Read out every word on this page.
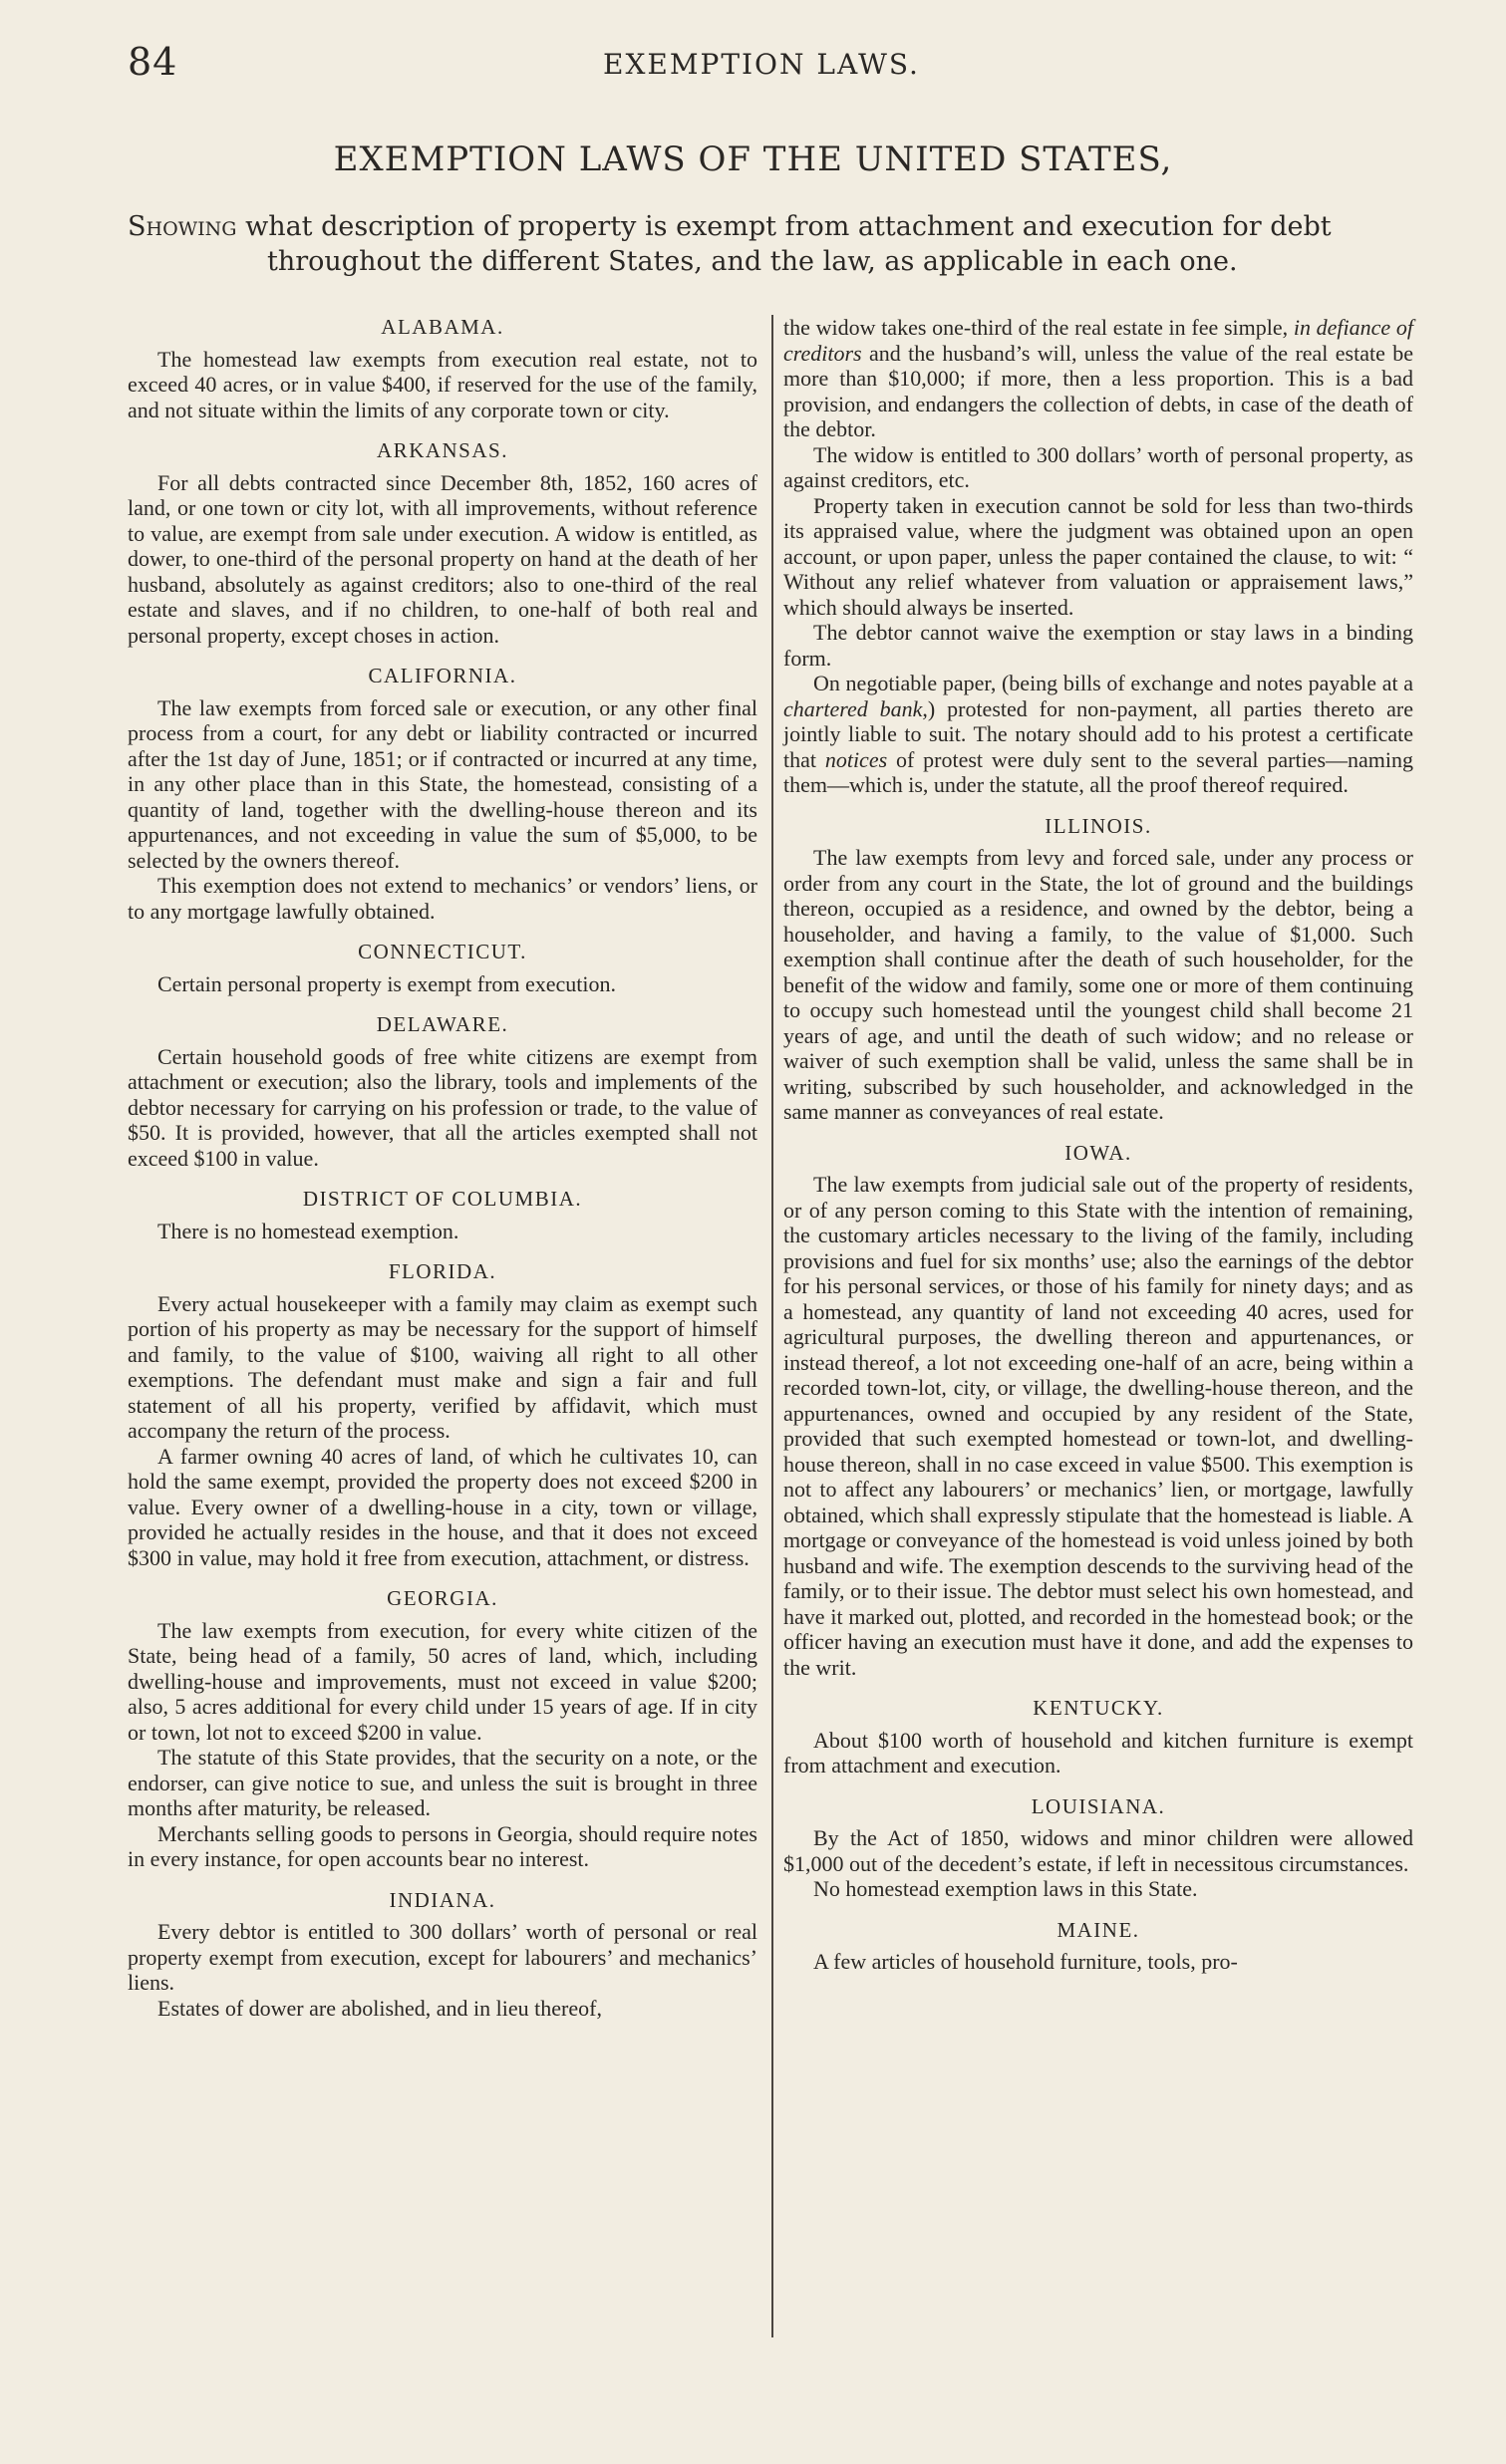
84	EXEMPTION LAWS.
EXEMPTION LAWS OF THE UNITED STATES,
Showing what description of property is exempt from attachment and execution for debt
throughout the different States, and the law, as applicable in each one.
ALABAMA.

The homestead law exempts from execution real estate, not to exceed 40 acres, or in value $400, if reserved for the use of the family, and not situate within the limits of any corporate town or city.

ARKANSAS.

For all debts contracted since December 8th, 1852, 160 acres of land, or one town or city lot, with all improvements, without reference to value, are exempt from sale under execution. A widow is entitled, as dower, to one-third of the personal property on hand at the death of her husband, absolutely as against creditors; also to one-third of the real estate and slaves, and if no children, to one-half of both real and personal property, except choses in action.

CALIFORNIA.

The law exempts from forced sale or execution, or any other final process from a court, for any debt or liability contracted or incurred after the 1st day of June, 1851; or if contracted or incurred at any time, in any other place than in this State, the homestead, consisting of a quantity of land, together with the dwelling-house thereon and its appurtenances, and not exceeding in value the sum of $5,000, to be selected by the owners thereof.

This exemption does not extend to mechanics’ or vendors’ liens, or to any mortgage lawfully obtained.

CONNECTICUT.

Certain personal property is exempt from execution.

DELAWARE.

Certain household goods of free white citizens are exempt from attachment or execution; also the library, tools and implements of the debtor necessary for carrying on his profession or trade, to the value of $50. It is provided, however, that all the articles exempted shall not exceed $100 in value.

DISTRICT OF COLUMBIA.

There is no homestead exemption.

FLORIDA.

Every actual housekeeper with a family may claim as exempt such portion of his property as may be necessary for the support of himself and family, to the value of $100, waiving all right to all other exemptions. The defendant must make and sign a fair and full statement of all his property, verified by affidavit, which must accompany the return of the process.

A farmer owning 40 acres of land, of which he cultivates 10, can hold the same exempt, provided the property does not exceed $200 in value. Every owner of a dwelling-house in a city, town or village, provided he actually resides in the house, and that it does not exceed $300 in value, may hold it free from execution, attachment, or distress.

GEORGIA.

The law exempts from execution, for every white citizen of the State, being head of a family, 50 acres of land, which, including dwelling-house and improvements, must not exceed in value $200; also, 5 acres additional for every child under 15 years of age. If in city or town, lot not to exceed $200 in value.

The statute of this State provides, that the security on a note, or the endorser, can give notice to sue, and unless the suit is brought in three months after maturity, be released.

Merchants selling goods to persons in Georgia, should require notes in every instance, for open accounts bear no interest.

INDIANA.

Every debtor is entitled to 300 dollars’ worth of personal or real property exempt from execution, except for labourers’ and mechanics’ liens.

Estates of dower are abolished, and in lieu thereof,

the widow takes one-third of the real estate in fee simple, in defiance of creditors and the husband’s will, unless the value of the real estate be more than $10,000; if more, then a less proportion. This is a bad provision, and endangers the collection of debts, in case of the death of the debtor.

The widow is entitled to 300 dollars’ worth of personal property, as against creditors, etc.

Property taken in execution cannot be sold for less than two-thirds its appraised value, where the judgment was obtained upon an open account, or upon paper, unless the paper contained the clause, to wit: “ Without any relief whatever from valuation or appraisement laws,” which should always be inserted.

The debtor cannot waive the exemption or stay laws in a binding form.

On negotiable paper, (being bills of exchange and notes payable at a chartered bank,) protested for non-payment, all parties thereto are jointly liable to suit. The notary should add to his protest a certificate that notices of protest were duly sent to the several parties—naming them—which is, under the statute, all the proof thereof required.

ILLINOIS.

The law exempts from levy and forced sale, under any process or order from any court in the State, the lot of ground and the buildings thereon, occupied as a residence, and owned by the debtor, being a householder, and having a family, to the value of $1,000. Such exemption shall continue after the death of such householder, for the benefit of the widow and family, some one or more of them continuing to occupy such homestead until the youngest child shall become 21 years of age, and until the death of such widow; and no release or waiver of such exemption shall be valid, unless the same shall be in writing, subscribed by such householder, and acknowledged in the same manner as conveyances of real estate.

IOWA.

The law exempts from judicial sale out of the property of residents, or of any person coming to this State with the intention of remaining, the customary articles necessary to the living of the family, including provisions and fuel for six months’ use; also the earnings of the debtor for his personal services, or those of his family for ninety days; and as a homestead, any quantity of land not exceeding 40 acres, used for agricultural purposes, the dwelling thereon and appurtenances, or instead thereof, a lot not exceeding one-half of an acre, being within a recorded town-lot, city, or village, the dwelling-house thereon, and the appurtenances, owned and occupied by any resident of the State, provided that such exempted homestead or town-lot, and dwelling-house thereon, shall in no case exceed in value $500. This exemption is not to affect any labourers’ or mechanics’ lien, or mortgage, lawfully obtained, which shall expressly stipulate that the homestead is liable. A mortgage or conveyance of the homestead is void unless joined by both husband and wife. The exemption descends to the surviving head of the family, or to their issue. The debtor must select his own homestead, and have it marked out, plotted, and recorded in the homestead book; or the officer having an execution must have it done, and add the expenses to the writ.

KENTUCKY.

About $100 worth of household and kitchen furniture is exempt from attachment and execution.

LOUISIANA.

By the Act of 1850, widows and minor children were allowed $1,000 out of the decedent’s estate, if left in necessitous circumstances.

No homestead exemption laws in this State.

MAINE.

A few articles of household furniture, tools, pro-
